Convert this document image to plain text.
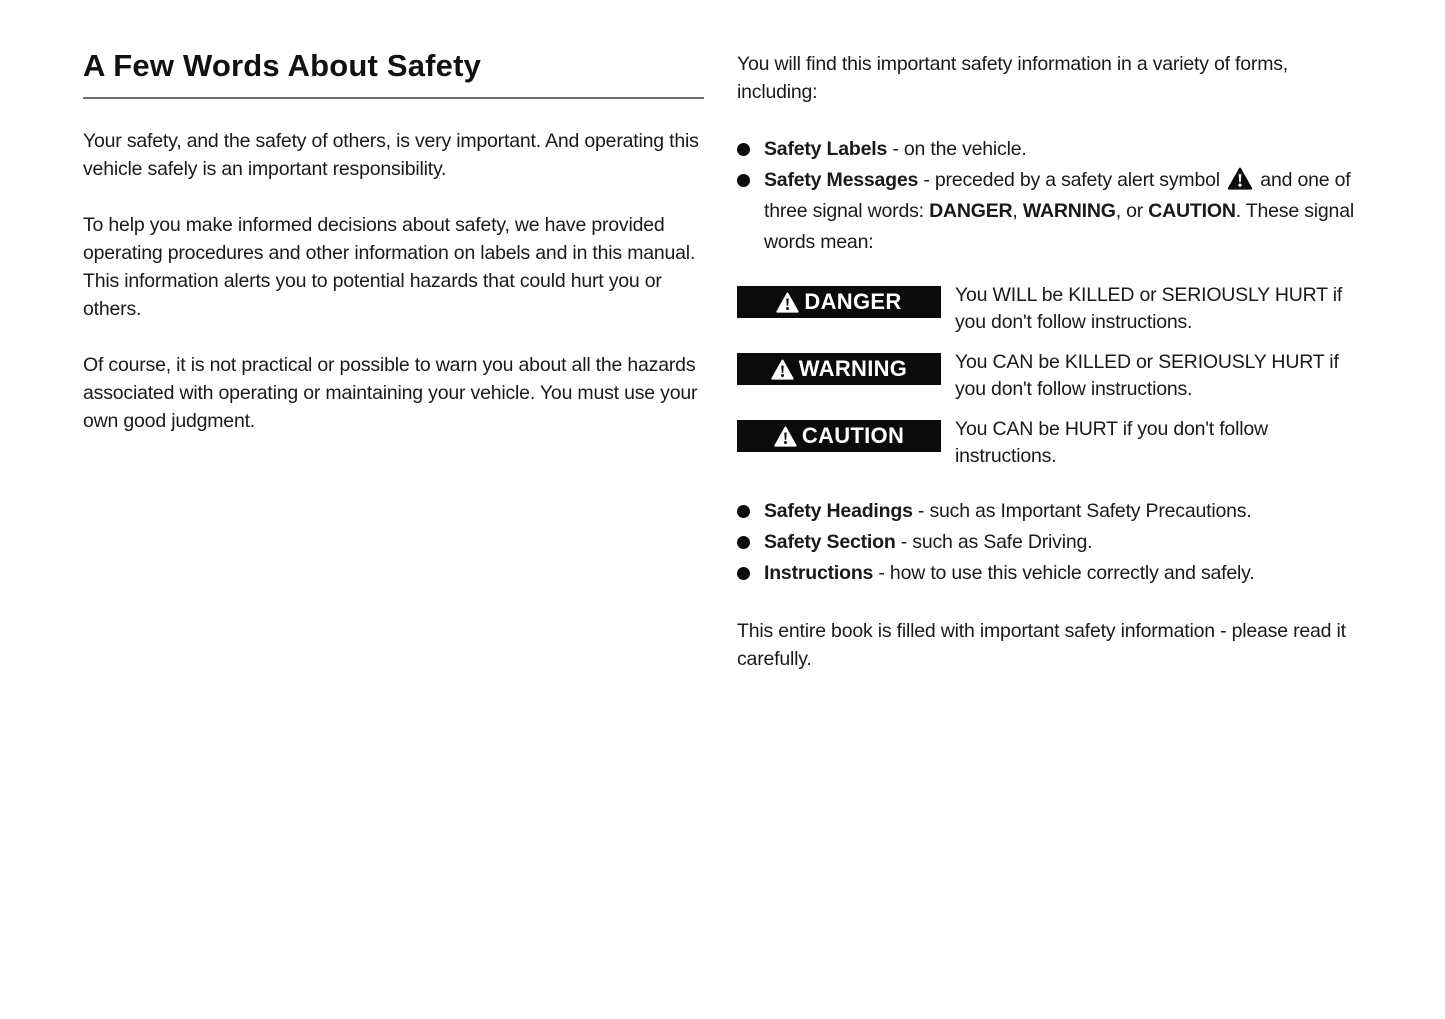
A Few Words About Safety

Your safety, and the safety of others, is very important. And operating this vehicle safely is an important responsibility.

To help you make informed decisions about safety, we have provided operating procedures and other information on labels and in this manual. This information alerts you to potential hazards that could hurt you or others.

Of course, it is not practical or possible to warn you about all the hazards associated with operating or maintaining your vehicle. You must use your own good judgment.

You will find this important safety information in a variety of forms, including:

Safety Labels - on the vehicle.
Safety Messages - preceded by a safety alert symbol  and one of three signal words: DANGER, WARNING, or CAUTION. These signal words mean:
DANGER	You WILL be KILLED or SERIOUSLY HURT if you don't follow instructions.

WARNING	You CAN be KILLED or SERIOUSLY HURT if you don't follow instructions.

CAUTION	You CAN be HURT if you don't follow instructions.

Safety Headings - such as Important Safety Precautions.
Safety Section - such as Safe Driving.
Instructions - how to use this vehicle correctly and safely.

This entire book is filled with important safety information - please read it carefully.
